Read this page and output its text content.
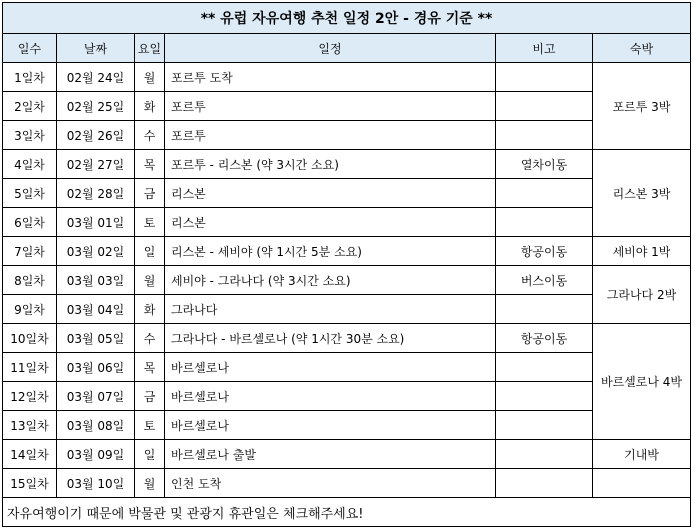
** 유럽 자유여행 추천 일정 2안 - 경유 기준 **					
일수	날짜	요일	일정	비고	숙박
1일차	02월 24일	월	포르투 도착		포르투 3박
2일차	02월 25일	화	포르투		
3일차	02월 26일	수	포르투		
4일차	02월 27일	목	포르투 - 리스본 (약 3시간 소요)	열차이동	리스본 3박
5일차	02월 28일	금	리스본		
6일차	03월 01일	토	리스본		
7일차	03월 02일	일	리스본 - 세비야 (약 1시간 5분 소요)	항공이동	세비야 1박
8일차	03월 03일	월	세비야 - 그라나다 (약 3시간 소요)	버스이동	그라나다 2박
9일차	03월 04일	화	그라나다		
10일차	03월 05일	수	그라나다 - 바르셀로나 (약 1시간 30분 소요)	항공이동	바르셀로나 4박
11일차	03월 06일	목	바르셀로나		
12일차	03월 07일	금	바르셀로나		
13일차	03월 08일	토	바르셀로나		
14일차	03월 09일	일	바르셀로나 출발		기내박
15일차	03월 10일	월	인천 도착		
자유여행이기 때문에 박물관 및 관광지 휴관일은 체크해주세요!					
